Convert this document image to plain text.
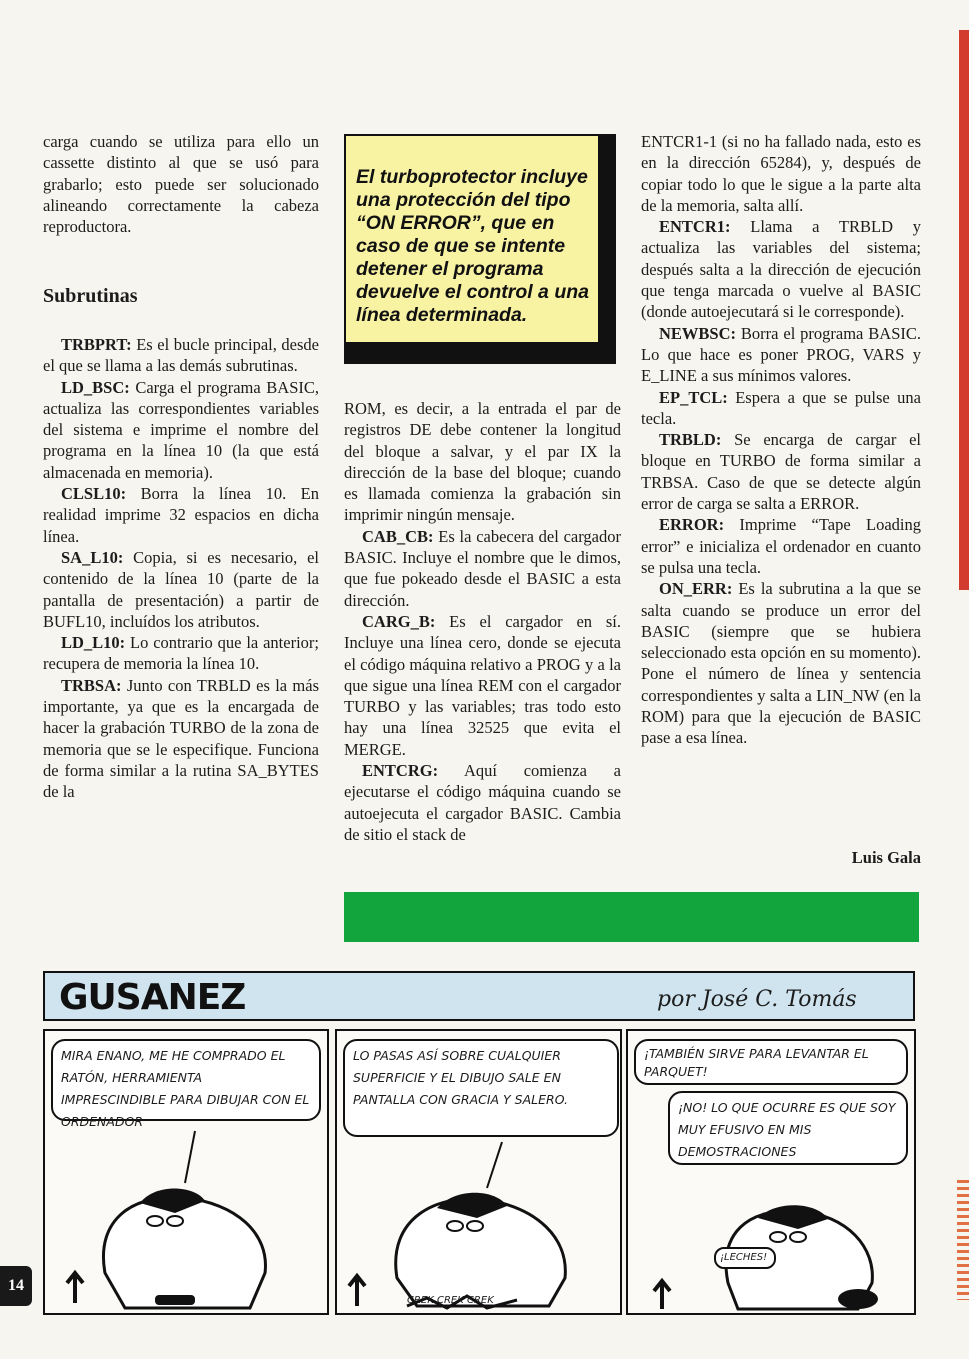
carga cuando se utiliza para ello un cassette distinto al que se usó para grabarlo; esto puede ser solucionado alineando correctamente la cabeza reproductora.

Subrutinas

TRBPRT: Es el bucle principal, desde el que se llama a las demás subrutinas.

LD_BSC: Carga el programa BASIC, actualiza las correspondientes variables del sistema e imprime el nombre del programa en la línea 10 (la que está almacenada en memoria).

CLSL10: Borra la línea 10. En realidad imprime 32 espacios en dicha línea.

SA_L10: Copia, si es necesario, el contenido de la línea 10 (parte de la pantalla de presentación) a partir de BUFL10, incluídos los atributos.

LD_L10: Lo contrario que la anterior; recupera de memoria la línea 10.

TRBSA: Junto con TRBLD es la más importante, ya que es la encargada de hacer la grabación TURBO de la zona de memoria que se le especifique. Funciona de forma similar a la rutina SA_BYTES de la

El turboprotector incluye una protección del tipo “ON ERROR”, que en caso de que se intente detener el programa devuelve el control a una línea determinada.

ROM, es decir, a la entrada el par de registros DE debe contener la longitud del bloque a salvar, y el par IX la dirección de la base del bloque; cuando es llamada comienza la grabación sin imprimir ningún mensaje.

CAB_CB: Es la cabecera del cargador BASIC. Incluye el nombre que le dimos, que fue pokeado desde el BASIC a esta dirección.

CARG_B: Es el cargador en sí. Incluye una línea cero, donde se ejecuta el código máquina relativo a PROG y a la que sigue una línea REM con el cargador TURBO y las variables; tras todo esto hay una línea 32525 que evita el MERGE.

ENTCRG: Aquí comienza a ejecutarse el código máquina cuando se autoejecuta el cargador BASIC. Cambia de sitio el stack de

ENTCR1-1 (si no ha fallado nada, esto es en la dirección 65284), y, después de copiar todo lo que le sigue a la parte alta de la memoria, salta allí.

ENTCR1: Llama a TRBLD y actualiza las variables del sistema; después salta a la dirección de ejecución que tenga marcada o vuelve al BASIC (donde autoejecutará si le corresponde).

NEWBSC: Borra el programa BASIC. Lo que hace es poner PROG, VARS y E_LINE a sus mínimos valores.

EP_TCL: Espera a que se pulse una tecla.

TRBLD: Se encarga de cargar el bloque en TURBO de forma similar a TRBSA. Caso de que se detecte algún error de carga se salta a ERROR.

ERROR: Imprime “Tape Loading error” e inicializa el ordenador en cuanto se pulsa una tecla.

ON_ERR: Es la subrutina a la que se salta cuando se produce un error del BASIC (siempre que se hubiera seleccionado esta opción en su momento). Pone el número de línea y sentencia correspondientes y salta a LIN_NW (en la ROM) para que la ejecución de BASIC pase a esa línea.

Luis Gala
GUSANEZ	por José C. Tomás
MIRA ENANO, ME HE COMPRADO EL RATÓN, HERRAMIENTA IMPRESCINDIBLE PARA DIBUJAR CON EL ORDENADOR
LO PASAS ASÍ SOBRE CUALQUIER SUPERFICIE Y EL DIBUJO SALE EN PANTALLA CON GRACIA Y SALERO.
CREK CREK CREK
¡TAMBIÉN SIRVE PARA LEVANTAR EL PARQUET!
¡NO! LO QUE OCURRE ES QUE SOY MUY EFUSIVO EN MIS DEMOSTRACIONES
¡LECHES!
14
